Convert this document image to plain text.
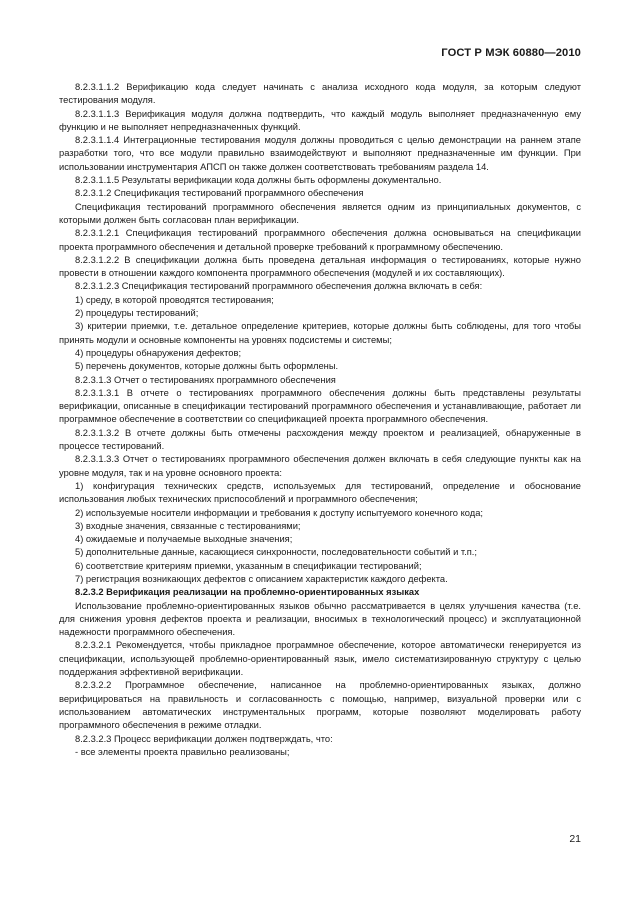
ГОСТ Р МЭК 60880—2010

8.2.3.1.1.2 Верификацию кода следует начинать с анализа исходного кода модуля, за которым следуют тестирования модуля.

8.2.3.1.1.3 Верификация модуля должна подтвердить, что каждый модуль выполняет предназначенную ему функцию и не выполняет непредназначенных функций.

8.2.3.1.1.4 Интеграционные тестирования модуля должны проводиться с целью демонстрации на раннем этапе разработки того, что все модули правильно взаимодействуют и выполняют предназначенные им функции. При использовании инструментария АПСП он также должен соответствовать требованиям раздела 14.

8.2.3.1.1.5 Результаты верификации кода должны быть оформлены документально.

8.2.3.1.2 Спецификация тестирований программного обеспечения

Спецификация тестирований программного обеспечения является одним из принципиальных документов, с которыми должен быть согласован план верификации.

8.2.3.1.2.1 Спецификация тестирований программного обеспечения должна основываться на спецификации проекта программного обеспечения и детальной проверке требований к программному обеспечению.

8.2.3.1.2.2 В спецификации должна быть проведена детальная информация о тестированиях, которые нужно провести в отношении каждого компонента программного обеспечения (модулей и их составляющих).

8.2.3.1.2.3 Спецификация тестирований программного обеспечения должна включать в себя:

1) среду, в которой проводятся тестирования;

2) процедуры тестирований;

3) критерии приемки, т.е. детальное определение критериев, которые должны быть соблюдены, для того чтобы принять модули и основные компоненты на уровнях подсистемы и системы;

4) процедуры обнаружения дефектов;

5) перечень документов, которые должны быть оформлены.

8.2.3.1.3 Отчет о тестированиях программного обеспечения

8.2.3.1.3.1 В отчете о тестированиях программного обеспечения должны быть представлены результаты верификации, описанные в спецификации тестирований программного обеспечения и устанавливающие, работает ли программное обеспечение в соответствии со спецификацией проекта программного обеспечения.

8.2.3.1.3.2 В отчете должны быть отмечены расхождения между проектом и реализацией, обнаруженные в процессе тестирований.

8.2.3.1.3.3 Отчет о тестированиях программного обеспечения должен включать в себя следующие пункты как на уровне модуля, так и на уровне основного проекта:

1) конфигурация технических средств, используемых для тестирований, определение и обоснование использования любых технических приспособлений и программного обеспечения;

2) используемые носители информации и требования к доступу испытуемого конечного кода;

3) входные значения, связанные с тестированиями;

4) ожидаемые и получаемые выходные значения;

5) дополнительные данные, касающиеся синхронности, последовательности событий и т.п.;

6) соответствие критериям приемки, указанным в спецификации тестирований;

7) регистрация возникающих дефектов с описанием характеристик каждого дефекта.

8.2.3.2 Верификация реализации на проблемно-ориентированных языках

Использование проблемно-ориентированных языков обычно рассматривается в целях улучшения качества (т.е. для снижения уровня дефектов проекта и реализации, вносимых в технологический процесс) и эксплуатационной надежности программного обеспечения.

8.2.3.2.1 Рекомендуется, чтобы прикладное программное обеспечение, которое автоматически генерируется из спецификации, использующей проблемно-ориентированный язык, имело систематизированную структуру с целью поддержания эффективной верификации.

8.2.3.2.2 Программное обеспечение, написанное на проблемно-ориентированных языках, должно верифицироваться на правильность и согласованность с помощью, например, визуальной проверки или с использованием автоматических инструментальных программ, которые позволяют моделировать работу программного обеспечения в режиме отладки.

8.2.3.2.3 Процесс верификации должен подтверждать, что:

- все элементы проекта правильно реализованы;

21
